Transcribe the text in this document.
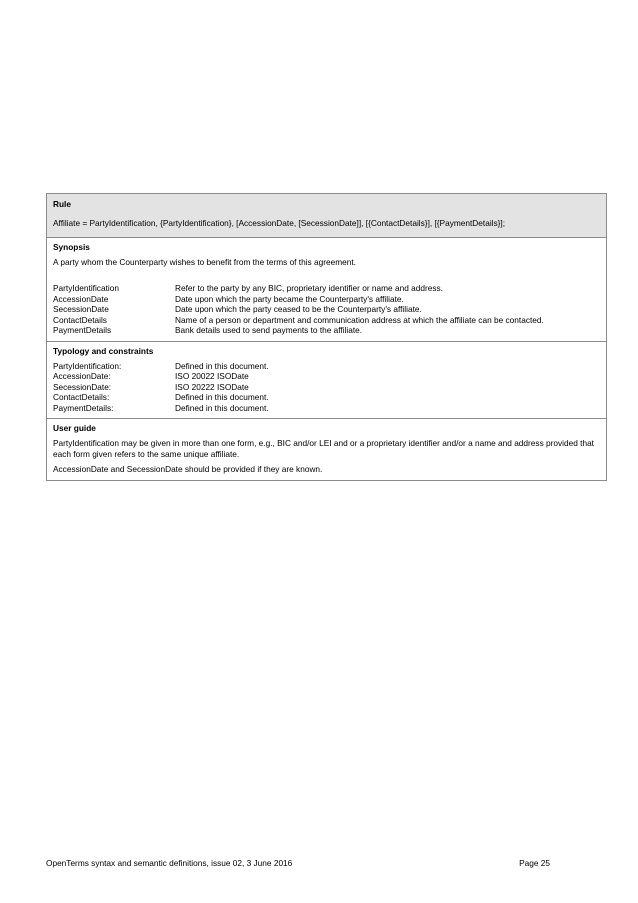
Rule
Affiliate = PartyIdentification, {PartyIdentification}, [AccessionDate, [SecessionDate]], [{ContactDetails}], [{PaymentDetails}];
Synopsis
A party whom the Counterparty wishes to benefit from the terms of this agreement.
PartyIdentification	Refer to the party by any BIC, proprietary identifier or name and address.
AccessionDate	Date upon which the party became the Counterparty's affiliate.
SecessionDate	Date upon which the party ceased to be the Counterparty's affiliate.
ContactDetails	Name of a person or department and communication address at which the affiliate can be contacted.
PaymentDetails	Bank details used to send payments to the affiliate.
Typology and constraints
PartyIdentification:	Defined in this document.
AccessionDate:	ISO 20022 ISODate
SecessionDate:	ISO 20222 ISODate
ContactDetails:	Defined in this document.
PaymentDetails:	Defined in this document.
User guide
PartyIdentification may be given in more than one form, e.g., BIC and/or LEI and or a proprietary identifier and/or a name and address provided that each form given refers to the same unique affiliate.
AccessionDate and SecessionDate should be provided if they are known.
OpenTerms syntax and semantic definitions, issue 02, 3 June 2016	Page 25
